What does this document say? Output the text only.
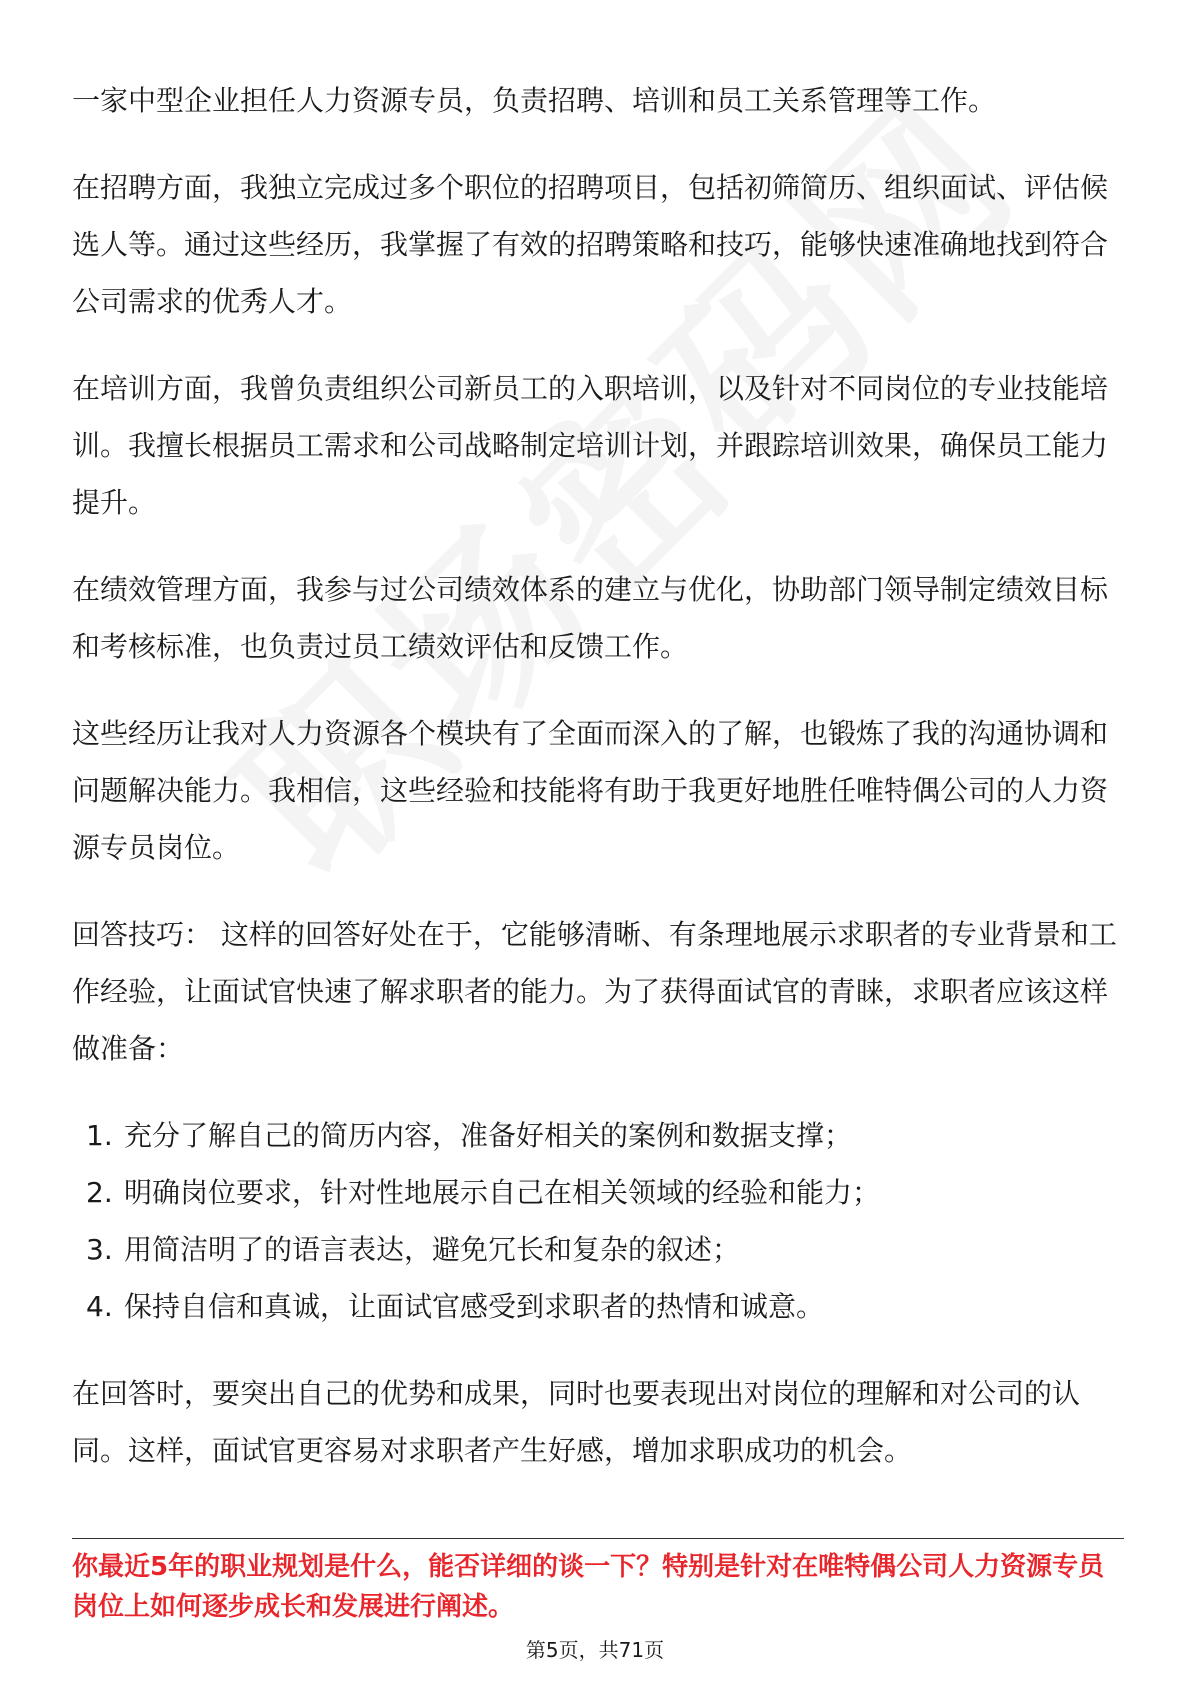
一家中型企业担任人力资源专员，负责招聘、培训和员工关系管理等工作。

在招聘方面，我独立完成过多个职位的招聘项目，包括初筛简历、组织面试、评估候选人等。通过这些经历，我掌握了有效的招聘策略和技巧，能够快速准确地找到符合公司需求的优秀人才。

在培训方面，我曾负责组织公司新员工的入职培训，以及针对不同岗位的专业技能培训。我擅长根据员工需求和公司战略制定培训计划，并跟踪培训效果，确保员工能力提升。

在绩效管理方面，我参与过公司绩效体系的建立与优化，协助部门领导制定绩效目标和考核标准，也负责过员工绩效评估和反馈工作。

这些经历让我对人力资源各个模块有了全面而深入的了解，也锻炼了我的沟通协调和问题解决能力。我相信，这些经验和技能将有助于我更好地胜任唯特偶公司的人力资源专员岗位。

回答技巧： 这样的回答好处在于，它能够清晰、有条理地展示求职者的专业背景和工作经验，让面试官快速了解求职者的能力。为了获得面试官的青睐，求职者应该这样做准备：

1. 充分了解自己的简历内容，准备好相关的案例和数据支撑；
2. 明确岗位要求，针对性地展示自己在相关领域的经验和能力；
3. 用简洁明了的语言表达，避免冗长和复杂的叙述；
4. 保持自信和真诚，让面试官感受到求职者的热情和诚意。

在回答时，要突出自己的优势和成果，同时也要表现出对岗位的理解和对公司的认同。这样，面试官更容易对求职者产生好感，增加求职成功的机会。

你最近5年的职业规划是什么，能否详细的谈一下？特别是针对在唯特偶公司人力资源专员岗位上如何逐步成长和发展进行阐述。

第5页，共71页
